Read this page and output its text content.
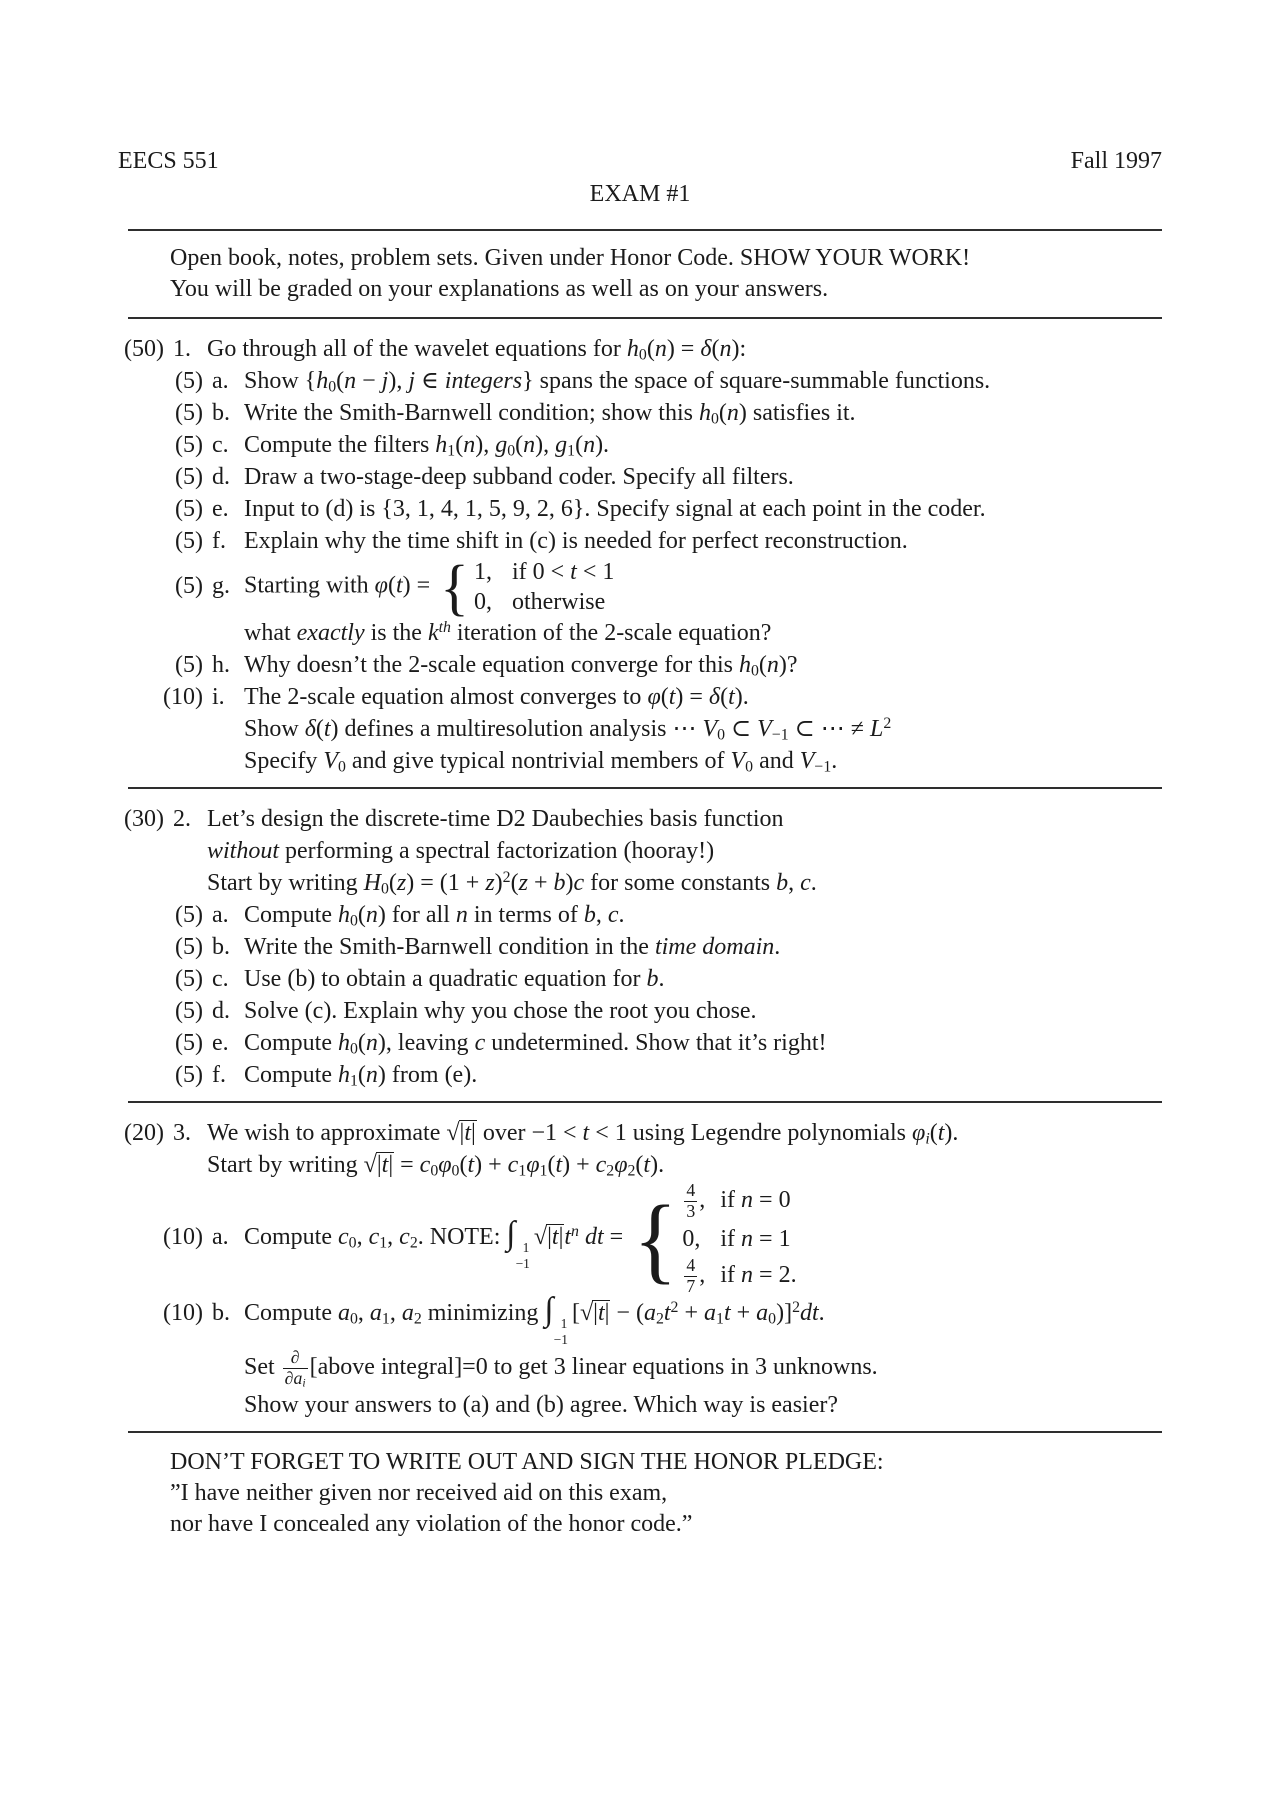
EECS 551	Fall 1997
EXAM #1
Open book, notes, problem sets. Given under Honor Code. SHOW YOUR WORK!
You will be graded on your explanations as well as on your answers.
(50) 1. Go through all of the wavelet equations for $h_0(n) = \delta(n)$:
(5) a. Show {$h_0(n - j)$, j ∈ integers} spans the space of square-summable functions.
(5) b. Write the Smith-Barnwell condition; show this $h_0(n)$ satisfies it.
(5) c. Compute the filters $h_1(n)$, $g_0(n)$, $g_1(n)$.
(5) d. Draw a two-stage-deep subband coder. Specify all filters.
(5) e. Input to (d) is {3, 1, 4, 1, 5, 9, 2, 6}. Specify signal at each point in the coder.
(5) f. Explain why the time shift in (c) is needed for perfect reconstruction.
(5) g. Starting with φ(t) = { 1, if 0 < t < 1
0, otherwise
what exactly is the $k^{th}$ iteration of the 2-scale equation?
(5) h. Why doesn’t the 2-scale equation converge for this $h_0(n)$?
(10) i. The 2-scale equation almost converges to φ(t) = δ(t).
Show δ(t) defines a multiresolution analysis ⋯ $V_0$ ⊂ $V_{-1}$ ⊂ ⋯ ≠ $L^2$
Specify $V_0$ and give typical nontrivial members of $V_0$ and $V_{-1}$.
(30) 2. Let’s design the discrete-time D2 Daubechies basis function
without performing a spectral factorization (hooray!)
Start by writing $H_0(z) = (1 + z)^2(z + b)c$ for some constants b, c.
(5) a. Compute $h_0(n)$ for all n in terms of b, c.
(5) b. Write the Smith-Barnwell condition in the time domain.
(5) c. Use (b) to obtain a quadratic equation for b.
(5) d. Solve (c). Explain why you chose the root you chose.
(5) e. Compute $h_0(n)$, leaving c undetermined. Show that it’s right!
(5) f. Compute $h_1(n)$ from (e).
(20) 3. We wish to approximate √|t| over −1 < t < 1 using Legendre polynomials $\varphi_i(t)$.
Start by writing $√|t| = c_0\varphi_0(t) + c_1\varphi_1(t) + c_2\varphi_2(t)$.
(10) a. Compute $c_0$, $c_1$, $c_2$. NOTE: ∫ 1
−1
$√|t|t^n$ dt = { $\frac{4}{3}$ , if n = 0
0, if n = 1
$\frac{4}{7}$ , if n = 2.
(10) b. Compute $a_0$, $a_1$, $a_2$ minimizing ∫ 1
−1
$[√|t| - (a_2t^2 + a_1t + a_0)]^2dt$.
Set ∂
$\partial a_i$
[above integral]=0 to get 3 linear equations in 3 unknowns.
Show your answers to (a) and (b) agree. Which way is easier?
DON’T FORGET TO WRITE OUT AND SIGN THE HONOR PLEDGE:
”I have neither given nor received aid on this exam,
nor have I concealed any violation of the honor code.”
